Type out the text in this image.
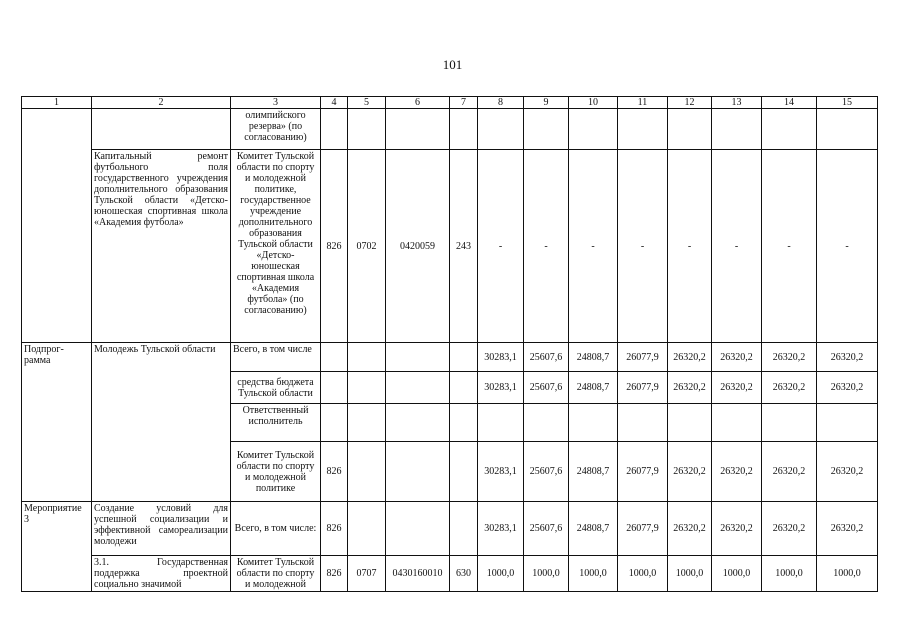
101
1	2	3	4	5	6	7	8	9	10	11	12	13	14	15
		олимпийского резерва» (по согласованию)												
	Капитальный ремонт футбольного поля государственного учреждения дополнительного образования Тульской области «Детско-юношеская спортивная школа «Академия футбола»	Комитет Тульской области по спорту и молодежной политике, государственное учреждение дополнительного образования Тульской области «Детско-юношеская спортивная школа «Академия футбола» (по согласованию)	826	0702	0420059	243	-	-	-	-	-	-	-	-
Подпрог-рамма	Молодежь Тульской области	Всего, в том числе					30283,1	25607,6	24808,7	26077,9	26320,2	26320,2	26320,2	26320,2
		средства бюджета Тульской области					30283,1	25607,6	24808,7	26077,9	26320,2	26320,2	26320,2	26320,2
		Ответственный исполнитель												
		Комитет Тульской области по спорту и молодежной политике	826				30283,1	25607,6	24808,7	26077,9	26320,2	26320,2	26320,2	26320,2
Мероприятие 3	Создание условий для успешной социализации и эффективной самореализации молодежи	Всего, в том числе:	826				30283,1	25607,6	24808,7	26077,9	26320,2	26320,2	26320,2	26320,2
	3.1. Государственная поддержка проектной социально значимой	Комитет Тульской области по спорту и молодежной	826	0707	0430160010	630	1000,0	1000,0	1000,0	1000,0	1000,0	1000,0	1000,0	1000,0
